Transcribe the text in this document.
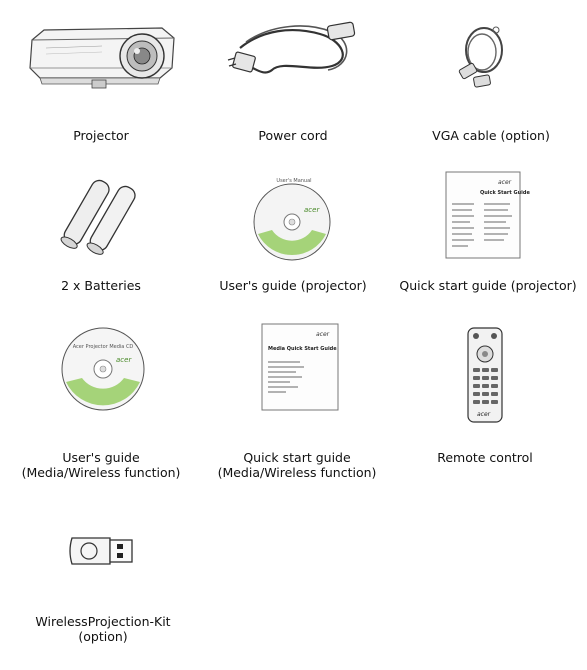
Projector	Power cord	VGA cable (option)
2 x Batteries
acer
User's Manual
User's guide (projector)
acer
Quick Start Guide
Quick start guide (projector)
acer
Acer Projector Media CD
User's guide
(Media/Wireless function)
acer
Media Quick Start Guide
Quick start guide
(Media/Wireless function)
acer
Remote control
WirelessProjection-Kit
(option)
